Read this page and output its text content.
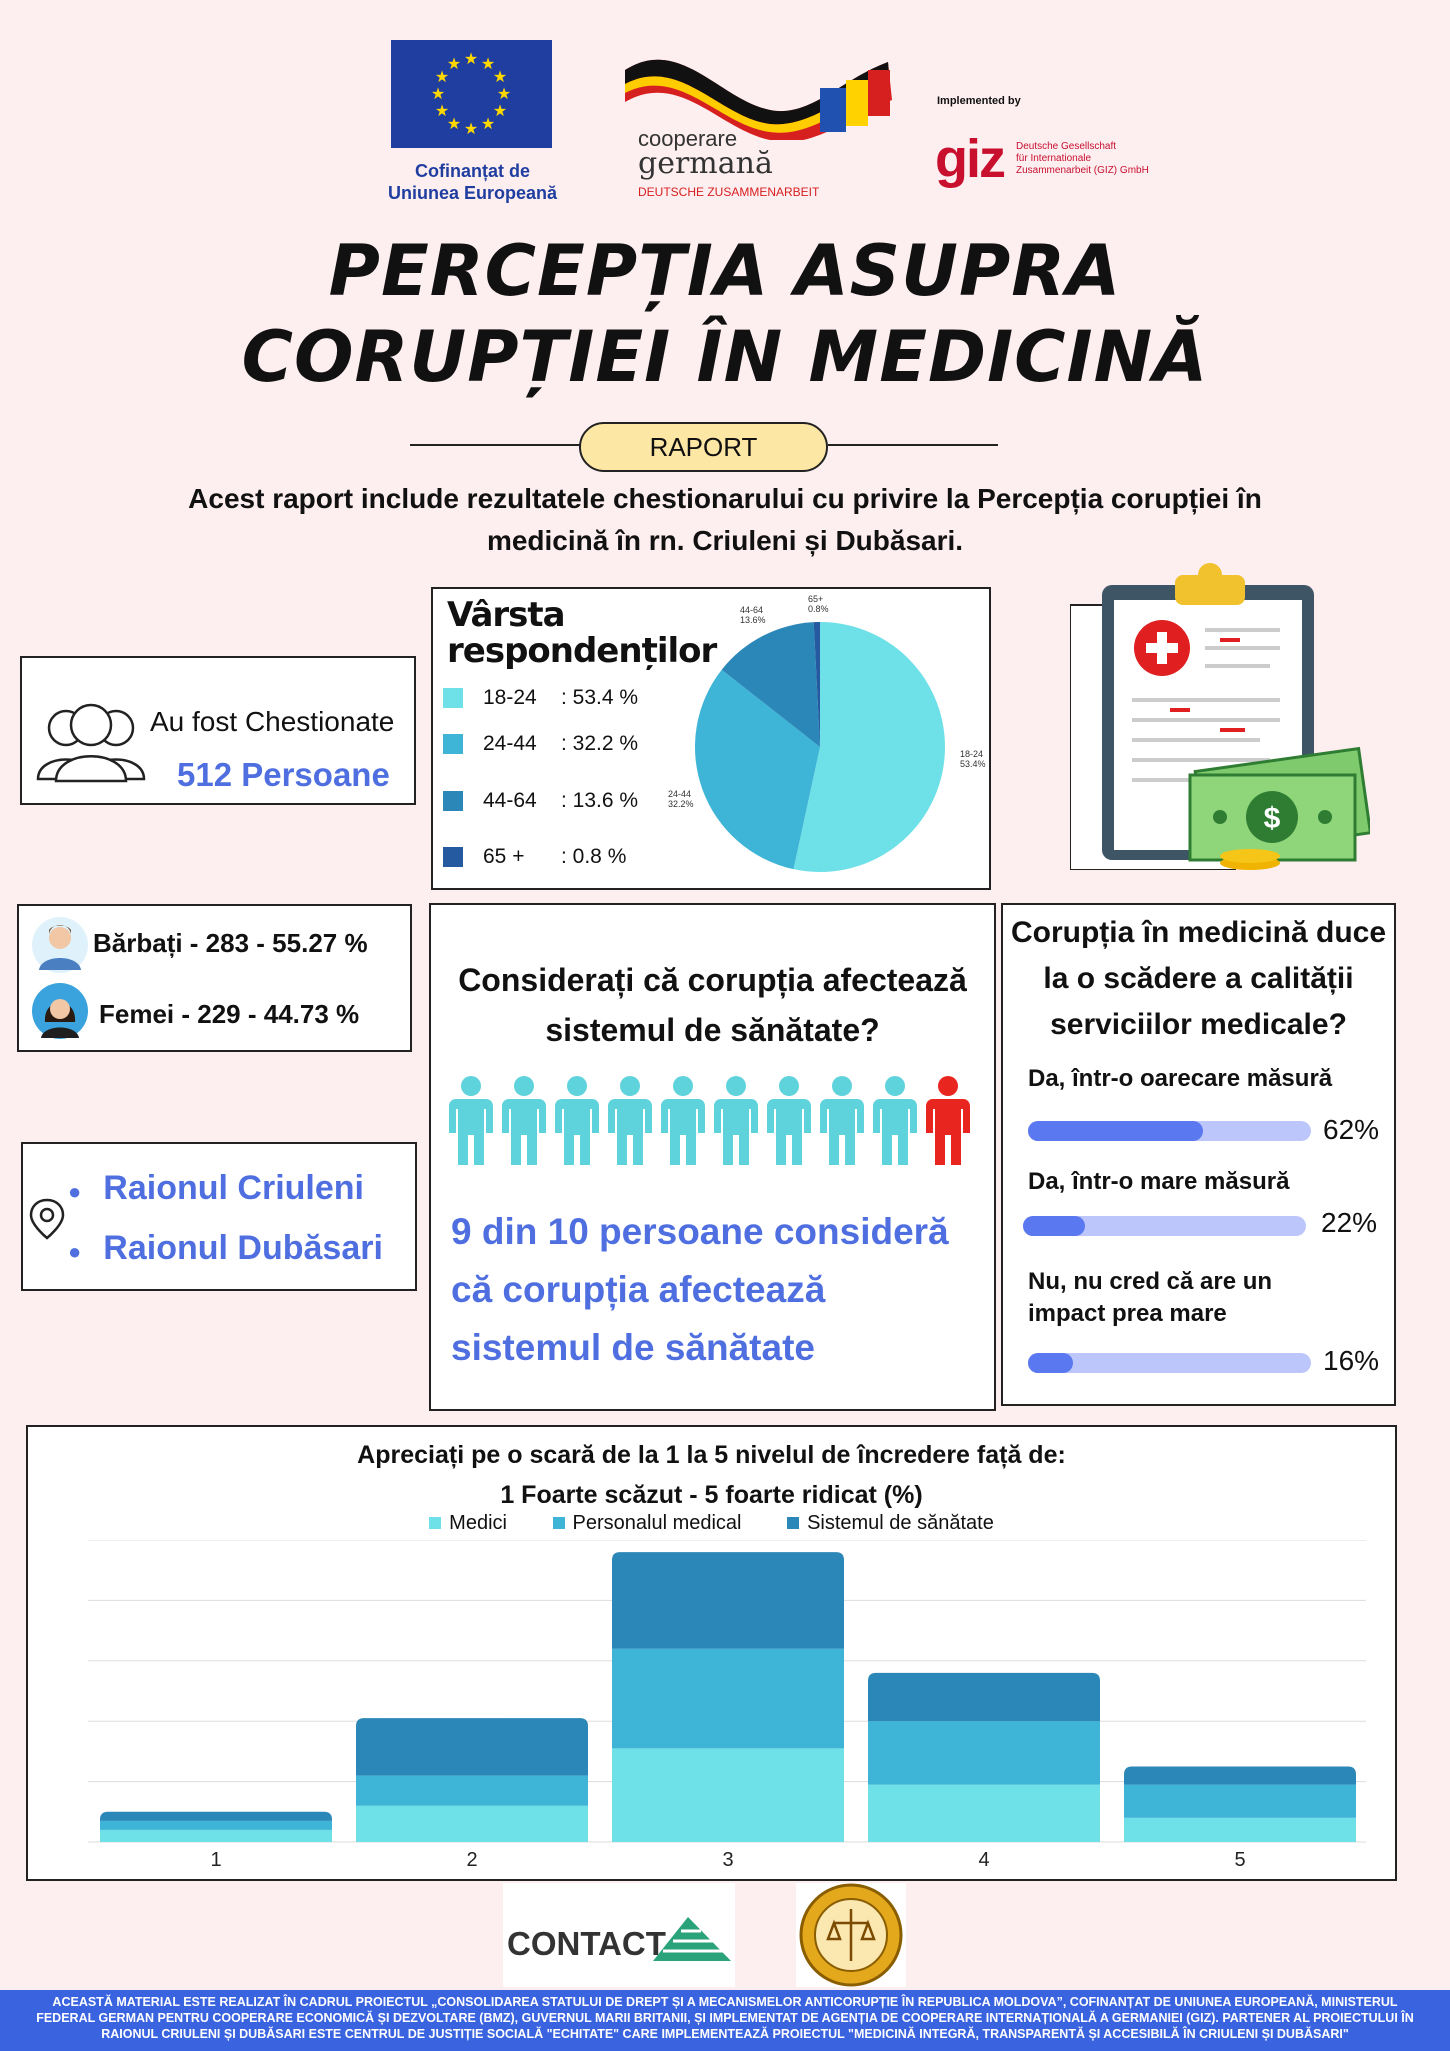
★ ★
★
★
★
★
★
★
★
★
★
★
Cofinanțat de
Uniunea Europeană
cooperare
germană
DEUTSCHE ZUSAMMENARBEIT
Implemented by
giz Deutsche Gesellschaft
für Internationale
Zusammenarbeit (GIZ) GmbH
PERCEPȚIA ASUPRA
CORUPȚIEI ÎN MEDICINĂ
RAPORT
Acest raport include rezultatele chestionarului cu privire la Percepția corupției în
medicină în rn. Criuleni și Dubăsari.
Au fost Chestionate
512 Persoane
Vârsta
respondenților
18-24 : 53.4 %
24-44 : 32.2 %
44-64 : 13.6 %
65 + : 0.8 %
18-24
53.4%
24-44
32.2%
44-64
13.6%
65+
0.8%
$
Bărbați - 283 - 55.27 %
Femei - 229 - 44.73 %
● Raionul Criuleni
● Raionul Dubăsari
Considerați că corupția afectează
sistemul de sănătate?
9 din 10 persoane consideră
că corupția afectează
sistemul de sănătate
Corupția în medicină duce
la o scădere a calității
serviciilor medicale?
Da, într-o oarecare măsură
62%
Da, într-o mare măsură
22%
Nu, nu cred că are un
impact prea mare
16%
Apreciați pe o scară de la 1 la 5 nivelul de încredere față de:
1 Foarte scăzut - 5 foarte ridicat (%)
Medici	Personalul medical	Sistemul de sănătate
1	2	3	4	5
CONTACT
ACEASTĂ MATERIAL ESTE REALIZAT ÎN CADRUL PROIECTUL „CONSOLIDAREA STATULUI DE DREPT ȘI A MECANISMELOR ANTICORUPȚIE ÎN REPUBLICA MOLDOVA”, COFINANȚAT DE UNIUNEA EUROPEANĂ, MINISTERUL
FEDERAL GERMAN PENTRU COOPERARE ECONOMICĂ ȘI DEZVOLTARE (BMZ), GUVERNUL MARII BRITANII, ȘI IMPLEMENTAT DE AGENȚIA DE COOPERARE INTERNAȚIONALĂ A GERMANIEI (GIZ). PARTENER AL PROIECTULUI ÎN
RAIONUL CRIULENI ȘI DUBĂSARI ESTE CENTRUL DE JUSTIȚIE SOCIALĂ "ECHITATE" CARE IMPLEMENTEAZĂ PROIECTUL "MEDICINĂ INTEGRĂ, TRANSPARENTĂ ȘI ACCESIBILĂ ÎN CRIULENI ȘI DUBĂSARI"
